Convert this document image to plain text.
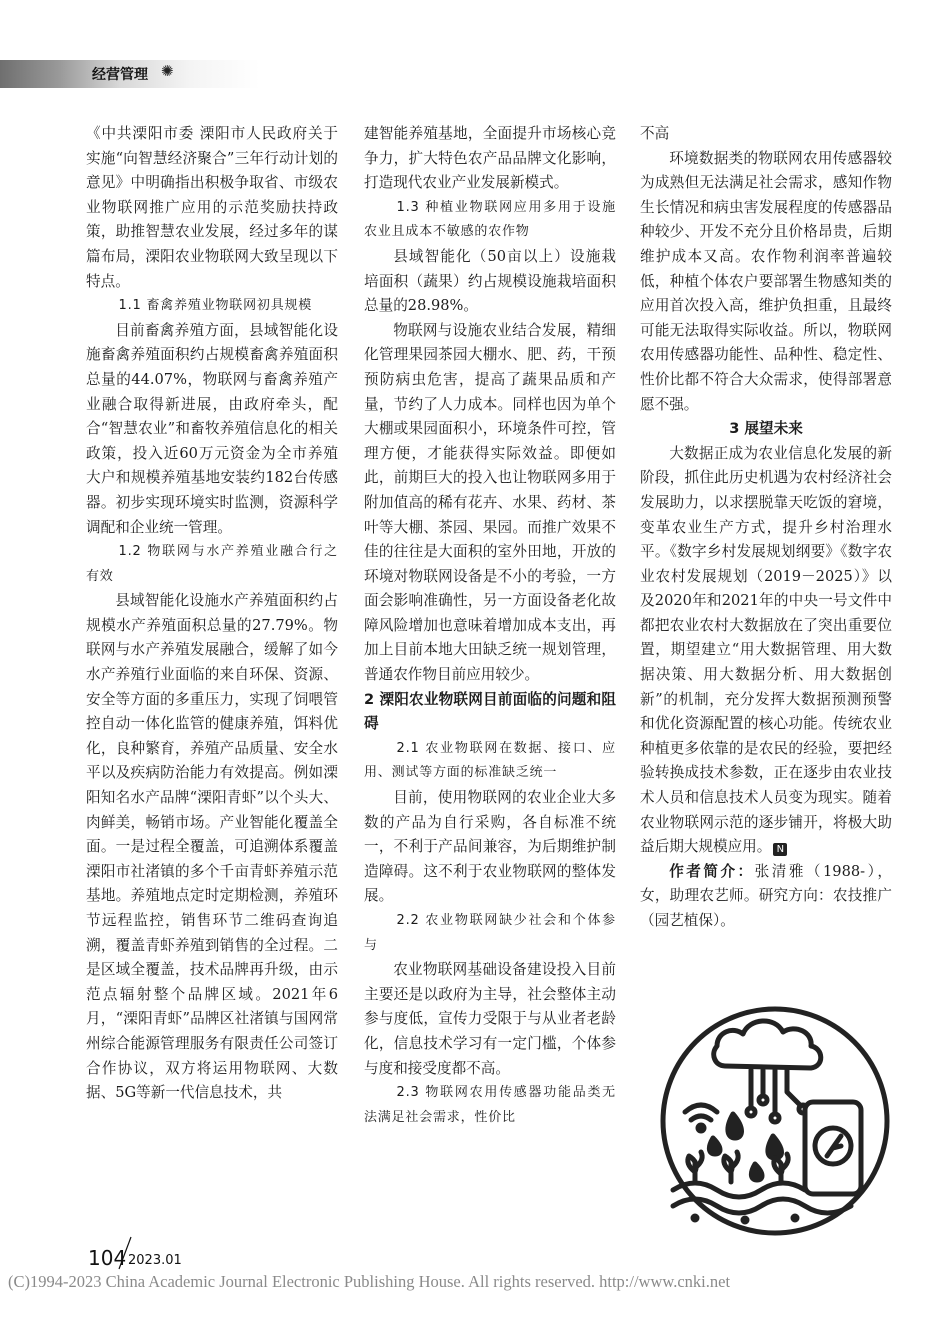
经营管理 ✺

《中共溧阳市委 溧阳市人民政府关于实施“向智慧经济聚合”三年行动计划的意见》中明确指出积极争取省、市级农业物联网推广应用的示范奖励扶持政策，助推智慧农业发展，经过多年的谋篇布局，溧阳农业物联网大致呈现以下特点。

1.1 畜禽养殖业物联网初具规模

目前畜禽养殖方面，县域智能化设施畜禽养殖面积约占规模畜禽养殖面积总量的44.07%，物联网与畜禽养殖产业融合取得新进展，由政府牵头，配合“智慧农业”和畜牧养殖信息化的相关政策，投入近60万元资金为全市养殖大户和规模养殖基地安装约182台传感器。初步实现环境实时监测，资源科学调配和企业统一管理。

1.2 物联网与水产养殖业融合行之有效

县域智能化设施水产养殖面积约占规模水产养殖面积总量的27.79%。物联网与水产养殖发展融合，缓解了如今水产养殖行业面临的来自环保、资源、安全等方面的多重压力，实现了饲喂管控自动一体化监管的健康养殖，饵料优化，良种繁育，养殖产品质量、安全水平以及疾病防治能力有效提高。例如溧阳知名水产品牌“溧阳青虾”以个头大、肉鲜美，畅销市场。产业智能化覆盖全面。一是过程全覆盖，可追溯体系覆盖溧阳市社渚镇的多个千亩青虾养殖示范基地。养殖地点定时定期检测，养殖环节远程监控，销售环节二维码查询追溯，覆盖青虾养殖到销售的全过程。二是区域全覆盖，技术品牌再升级，由示范点辐射整个品牌区域。2021年6月，“溧阳青虾”品牌区社渚镇与国网常州综合能源管理服务有限责任公司签订合作协议，双方将运用物联网、大数据、5G等新一代信息技术，共

建智能养殖基地，全面提升市场核心竞争力，扩大特色农产品品牌文化影响，打造现代农业产业发展新模式。

1.3 种植业物联网应用多用于设施农业且成本不敏感的农作物

县域智能化（50亩以上）设施栽培面积（蔬果）约占规模设施栽培面积总量的28.98%。

物联网与设施农业结合发展，精细化管理果园茶园大棚水、肥、药，干预预防病虫危害，提高了蔬果品质和产量，节约了人力成本。同样也因为单个大棚或果园面积小，环境条件可控，管理方便，才能获得实际效益。即便如此，前期巨大的投入也让物联网多用于附加值高的稀有花卉、水果、药材、茶叶等大棚、茶园、果园。而推广效果不佳的往往是大面积的室外田地，开放的环境对物联网设备是不小的考验，一方面会影响准确性，另一方面设备老化故障风险增加也意味着增加成本支出，再加上目前本地大田缺乏统一规划管理，普通农作物目前应用较少。

2 溧阳农业物联网目前面临的问题和阻碍

2.1 农业物联网在数据、接口、应用、测试等方面的标准缺乏统一

目前，使用物联网的农业企业大多数的产品为自行采购，各自标准不统一，不利于产品间兼容，为后期维护制造障碍。这不利于农业物联网的整体发展。

2.2 农业物联网缺少社会和个体参与

农业物联网基础设备建设投入目前主要还是以政府为主导，社会整体主动参与度低，宣传力受限于与从业者老龄化，信息技术学习有一定门槛，个体参与度和接受度都不高。

2.3 物联网农用传感器功能品类无法满足社会需求，性价比

不高

环境数据类的物联网农用传感器较为成熟但无法满足社会需求，感知作物生长情况和病虫害发展程度的传感器品种较少、开发不充分且价格昂贵，后期维护成本又高。农作物利润率普遍较低，种植个体农户要部署生物感知类的应用首次投入高，维护负担重，且最终可能无法取得实际收益。所以，物联网农用传感器功能性、品种性、稳定性、性价比都不符合大众需求，使得部署意愿不强。

3 展望未来

大数据正成为农业信息化发展的新阶段，抓住此历史机遇为农村经济社会发展助力，以求摆脱靠天吃饭的窘境，变革农业生产方式，提升乡村治理水平。《数字乡村发展规划纲要》《数字农业农村发展规划（2019－2025）》以及2020年和2021年的中央一号文件中都把农业农村大数据放在了突出重要位置，期望建立“用大数据管理、用大数据决策、用大数据分析、用大数据创新”的机制，充分发挥大数据预测预警和优化资源配置的核心功能。传统农业种植更多依靠的是农民的经验，要把经验转换成技术参数，正在逐步由农业技术人员和信息技术人员变为现实。随着农业物联网示范的逐步铺开，将极大助益后期大规模应用。 N

作者简介：张清雅（1988-），女，助理农艺师。研究方向：农技推广（园艺植保）。

104 2023.01
(C)1994-2023 China Academic Journal Electronic Publishing House. All rights reserved. http://www.cnki.net
